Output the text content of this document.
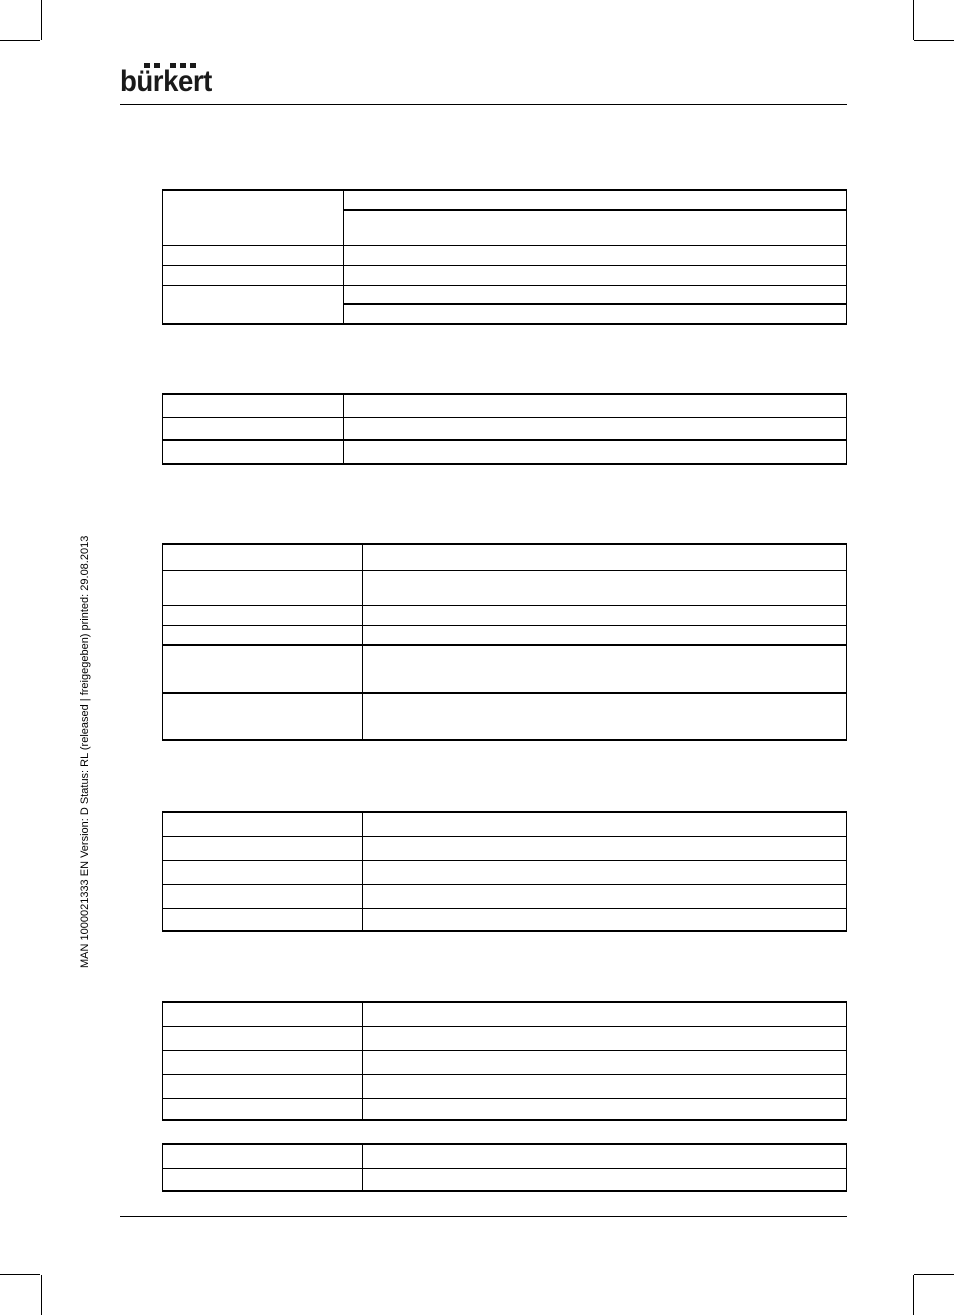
bürkert
MAN 1000021333 EN Version: D Status: RL (released | freigegeben) printed: 29.08.2013
